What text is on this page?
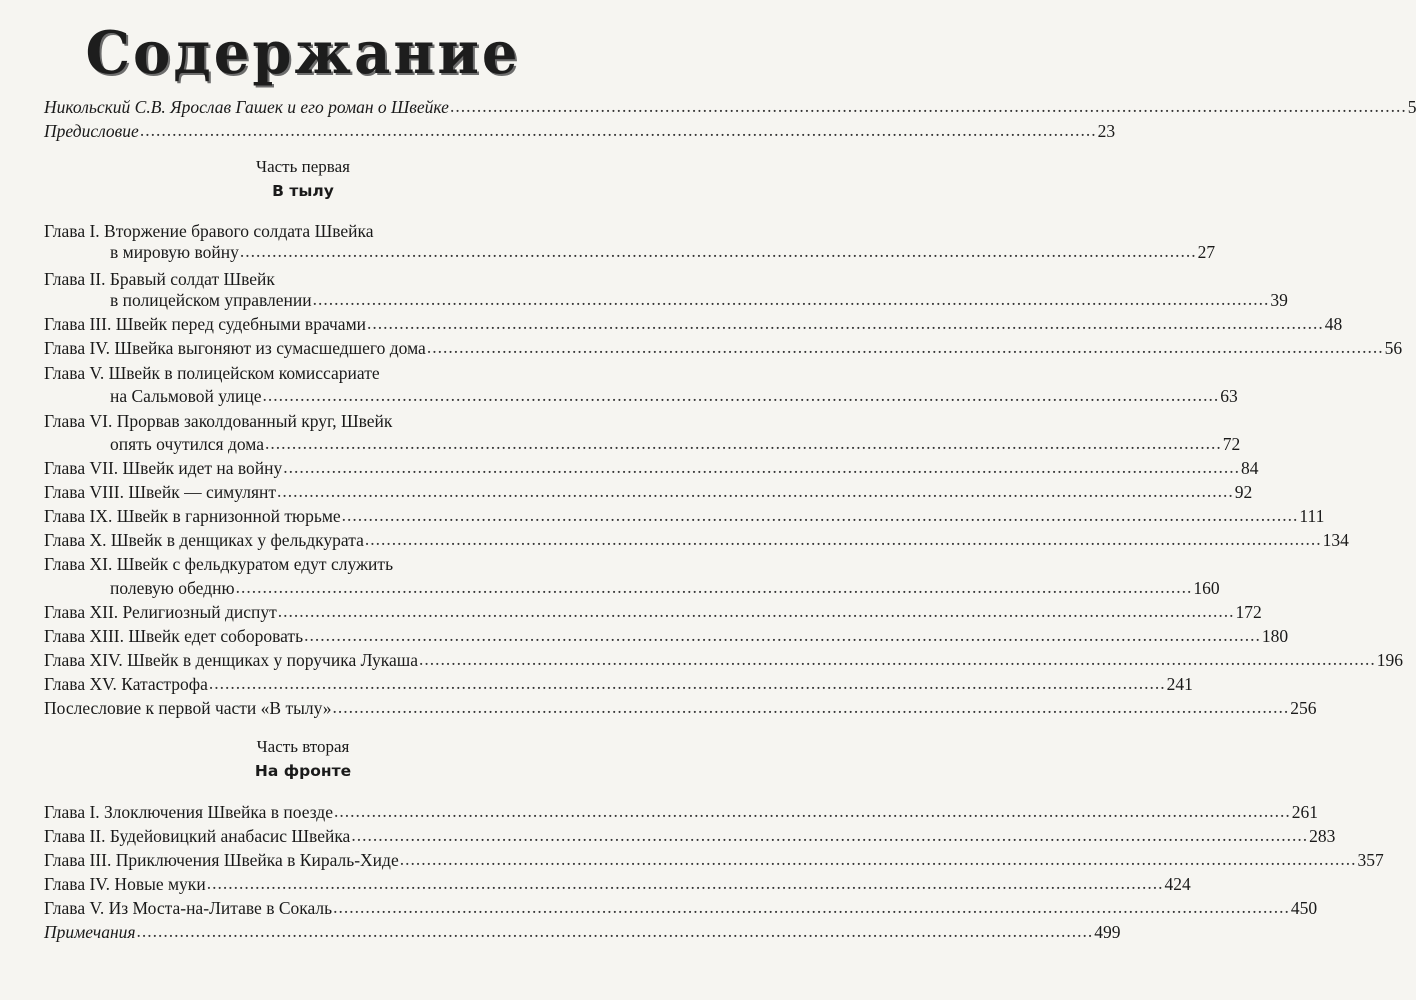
Содержание
Никольский С.В. Ярослав Гашек и его роман о Швейке .....	5
Предисловие .....	23
Часть первая
В тылу
Глава I. Вторжение бравого солдата Швейка
в мировую войну .....	27
Глава II. Бравый солдат Швейк
в полицейском управлении .....	39
Глава III. Швейк перед судебными врачами .....	48
Глава IV. Швейка выгоняют из сумасшедшего дома .....	56
Глава V. Швейк в полицейском комиссариате
на Сальмовой улице .....	63
Глава VI. Прорвав заколдованный круг, Швейк
опять очутился дома .....	72
Глава VII. Швейк идет на войну .....	84
Глава VIII. Швейк — симулянт .....	92
Глава IX. Швейк в гарнизонной тюрьме .....	111
Глава X. Швейк в денщиках у фельдкурата .....	134
Глава XI. Швейк с фельдкуратом едут служить
полевую обедню .....	160
Глава XII. Религиозный диспут .....	172
Глава XIII. Швейк едет соборовать .....	180
Глава XIV. Швейк в денщиках у поручика Лукаша .....	196
Глава XV. Катастрофа .....	241
Послесловие к первой части «В тылу» .....	256
Часть вторая
На фронте
Глава I. Злоключения Швейка в поезде .....	261
Глава II. Будейовицкий анабасис Швейка .....	283
Глава III. Приключения Швейка в Кираль-Хиде .....	357
Глава IV. Новые муки .....	424
Глава V. Из Моста-на-Литаве в Сокаль .....	450
Примечания .....	499
